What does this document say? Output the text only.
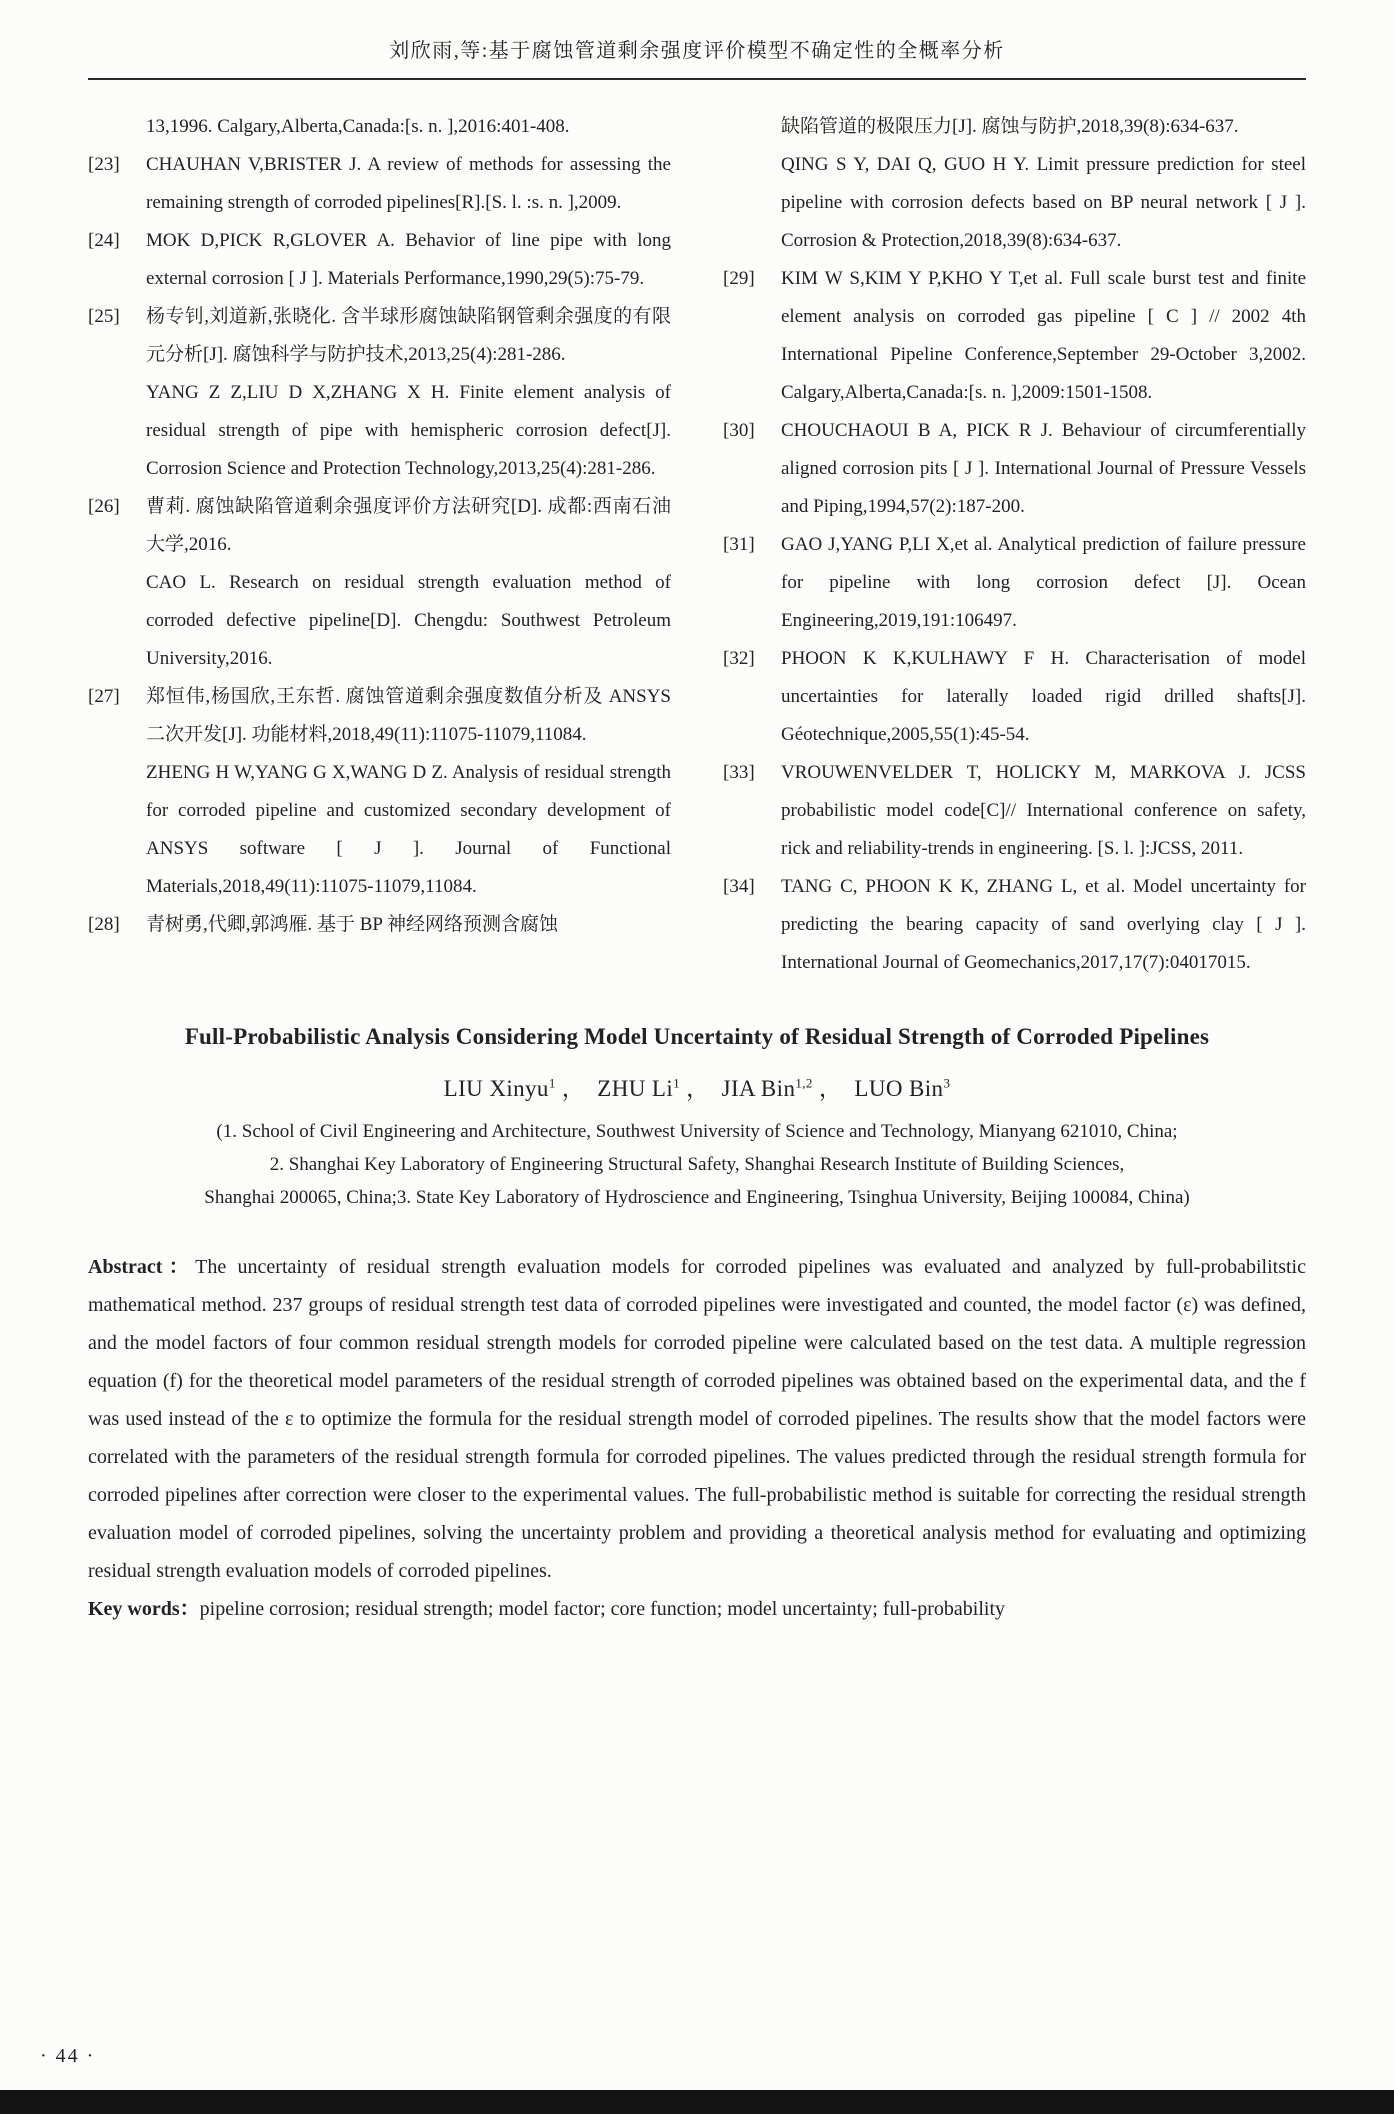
刘欣雨,等:基于腐蚀管道剩余强度评价模型不确定性的全概率分析

13,1996. Calgary,Alberta,Canada:[s. n. ],2016:401-408.

[23]	CHAUHAN V,BRISTER J. A review of methods for assessing the remaining strength of corroded pipelines[R].[S. l. :s. n. ],2009.

[24]	MOK D,PICK R,GLOVER A. Behavior of line pipe with long external corrosion [ J ]. Materials Performance,1990,29(5):75-79.

[25]	杨专钊,刘道新,张晓化. 含半球形腐蚀缺陷钢管剩余强度的有限元分析[J]. 腐蚀科学与防护技术,2013,25(4):281-286.

YANG Z Z,LIU D X,ZHANG X H. Finite element analysis of residual strength of pipe with hemispheric corrosion defect[J]. Corrosion Science and Protection Technology,2013,25(4):281-286.

[26]	曹莉. 腐蚀缺陷管道剩余强度评价方法研究[D]. 成都:西南石油大学,2016.

CAO L. Research on residual strength evaluation method of corroded defective pipeline[D]. Chengdu: Southwest Petroleum University,2016.

[27]	郑恒伟,杨国欣,王东哲. 腐蚀管道剩余强度数值分析及 ANSYS 二次开发[J]. 功能材料,2018,49(11):11075-11079,11084.

ZHENG H W,YANG G X,WANG D Z. Analysis of residual strength for corroded pipeline and customized secondary development of ANSYS software [ J ]. Journal of Functional Materials,2018,49(11):11075-11079,11084.

[28]	青树勇,代卿,郭鸿雁. 基于 BP 神经网络预测含腐蚀

缺陷管道的极限压力[J]. 腐蚀与防护,2018,39(8):634-637.

QING S Y, DAI Q, GUO H Y. Limit pressure prediction for steel pipeline with corrosion defects based on BP neural network [ J ]. Corrosion & Protection,2018,39(8):634-637.

[29]	KIM W S,KIM Y P,KHO Y T,et al. Full scale burst test and finite element analysis on corroded gas pipeline [ C ] // 2002 4th International Pipeline Conference,September 29-October 3,2002. Calgary,Alberta,Canada:[s. n. ],2009:1501-1508.

[30]	CHOUCHAOUI B A, PICK R J. Behaviour of circumferentially aligned corrosion pits [ J ]. International Journal of Pressure Vessels and Piping,1994,57(2):187-200.

[31]	GAO J,YANG P,LI X,et al. Analytical prediction of failure pressure for pipeline with long corrosion defect [J]. Ocean Engineering,2019,191:106497.

[32]	PHOON K K,KULHAWY F H. Characterisation of model uncertainties for laterally loaded rigid drilled shafts[J]. Géotechnique,2005,55(1):45-54.

[33]	VROUWENVELDER T, HOLICKY M, MARKOVA J. JCSS probabilistic model code[C]// International conference on safety, rick and reliability-trends in engineering. [S. l. ]:JCSS, 2011.

[34]	TANG C, PHOON K K, ZHANG L, et al. Model uncertainty for predicting the bearing capacity of sand overlying clay [ J ]. International Journal of Geomechanics,2017,17(7):04017015.

Full-Probabilistic Analysis Considering Model Uncertainty of Residual Strength of Corroded Pipelines
LIU Xinyu$^1$ ， ZHU Li$^1$ ， JIA Bin$^{1,2}$ ， LUO Bin$^3$
(1. School of Civil Engineering and Architecture, Southwest University of Science and Technology, Mianyang 621010, China;
2. Shanghai Key Laboratory of Engineering Structural Safety, Shanghai Research Institute of Building Sciences,
Shanghai 200065, China;3. State Key Laboratory of Hydroscience and Engineering, Tsinghua University, Beijing 100084, China)

Abstract：The uncertainty of residual strength evaluation models for corroded pipelines was evaluated and analyzed by full-probabilitstic mathematical method. 237 groups of residual strength test data of corroded pipelines were investigated and counted, the model factor (ε) was defined, and the model factors of four common residual strength models for corroded pipeline were calculated based on the test data. A multiple regression equation (f) for the theoretical model parameters of the residual strength of corroded pipelines was obtained based on the experimental data, and the f was used instead of the ε to optimize the formula for the residual strength model of corroded pipelines. The results show that the model factors were correlated with the parameters of the residual strength formula for corroded pipelines. The values predicted through the residual strength formula for corroded pipelines after correction were closer to the experimental values. The full-probabilistic method is suitable for correcting the residual strength evaluation model of corroded pipelines, solving the uncertainty problem and providing a theoretical analysis method for evaluating and optimizing residual strength evaluation models of corroded pipelines.

Key words：pipeline corrosion; residual strength; model factor; core function; model uncertainty; full-probability

· 44 ·
